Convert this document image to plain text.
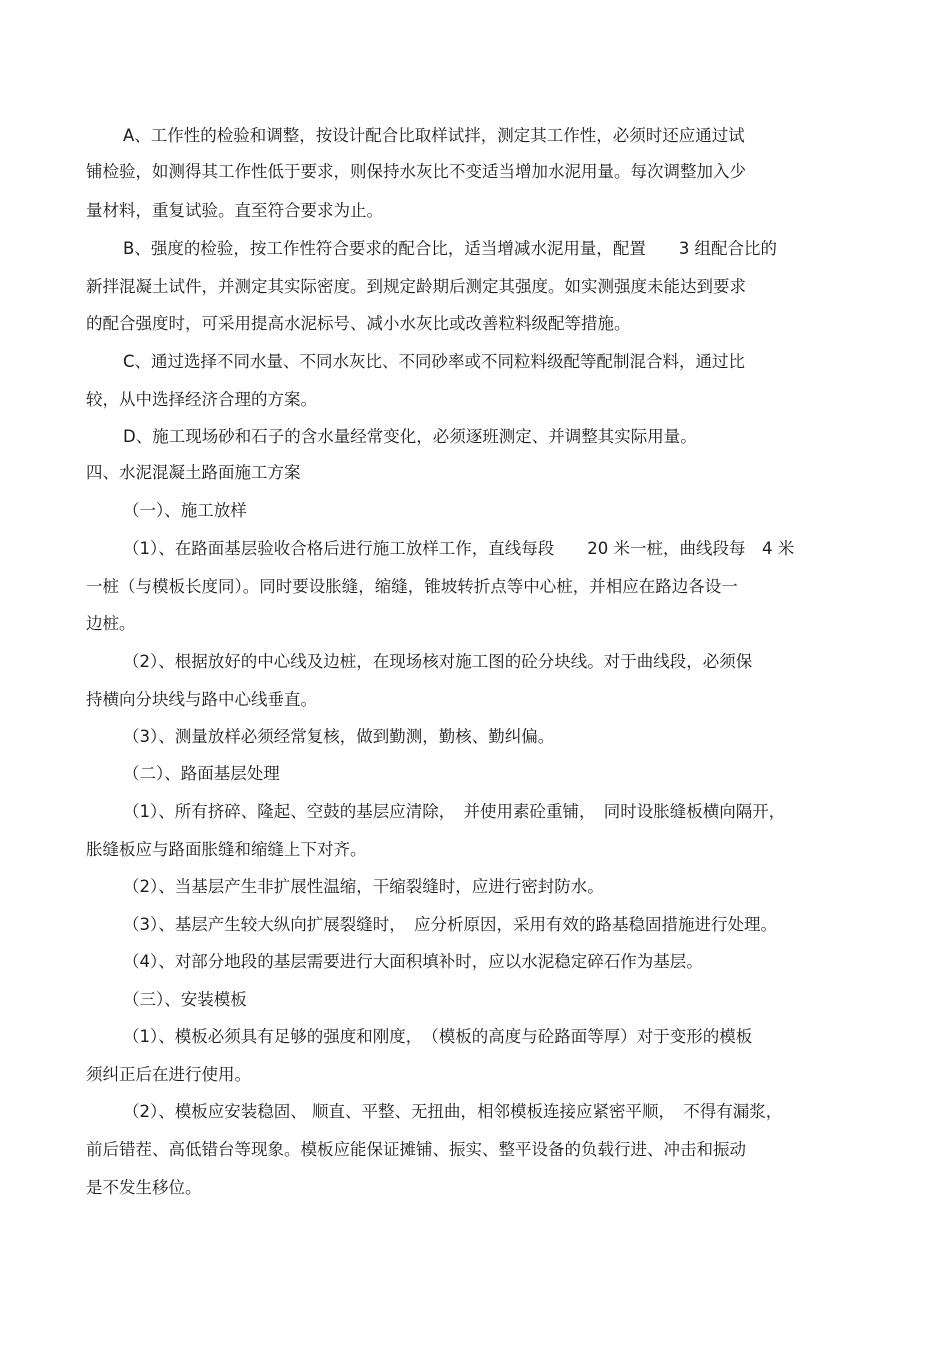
A、工作性的检验和调整，按设计配合比取样试拌，测定其工作性，必须时还应通过试
铺检验，如测得其工作性低于要求，则保持水灰比不变适当增加水泥用量。每次调整加入少
量材料，重复试验。直至符合要求为止。
B、强度的检验，按工作性符合要求的配合比，适当增减水泥用量，配置　　3 组配合比的
新拌混凝土试件，并测定其实际密度。到规定龄期后测定其强度。如实测强度未能达到要求
的配合强度时，可采用提高水泥标号、减小水灰比或改善粒料级配等措施。
C、通过选择不同水量、不同水灰比、不同砂率或不同粒料级配等配制混合料，通过比
较，从中选择经济合理的方案。
D、施工现场砂和石子的含水量经常变化，必须逐班测定、并调整其实际用量。
四、水泥混凝土路面施工方案
（一）、施工放样
（1）、在路面基层验收合格后进行施工放样工作，直线每段　　20 米一桩，曲线段每　4 米
一桩（与模板长度同）。同时要设胀缝，缩缝，锥坡转折点等中心桩，并相应在路边各设一
边桩。
（2）、根据放好的中心线及边桩，在现场核对施工图的砼分块线。对于曲线段，必须保
持横向分块线与路中心线垂直。
（3）、测量放样必须经常复核，做到勤测，勤核、勤纠偏。
（二）、路面基层处理
（1）、所有挤碎、隆起、空鼓的基层应清除，　并使用素砼重铺，　同时设胀缝板横向隔开，
胀缝板应与路面胀缝和缩缝上下对齐。
（2）、当基层产生非扩展性温缩，干缩裂缝时，应进行密封防水。
（3）、基层产生较大纵向扩展裂缝时，　应分析原因，采用有效的路基稳固措施进行处理。
（4）、对部分地段的基层需要进行大面积填补时，应以水泥稳定碎石作为基层。
（三）、安装模板
（1）、模板必须具有足够的强度和刚度，　（模板的高度与砼路面等厚）对于变形的模板
须纠正后在进行使用。
（2）、模板应安装稳固、 顺直、平整、无扭曲，相邻模板连接应紧密平顺，　不得有漏浆，
前后错茬、高低错台等现象。模板应能保证摊铺、振实、整平设备的负载行进、冲击和振动
是不发生移位。
